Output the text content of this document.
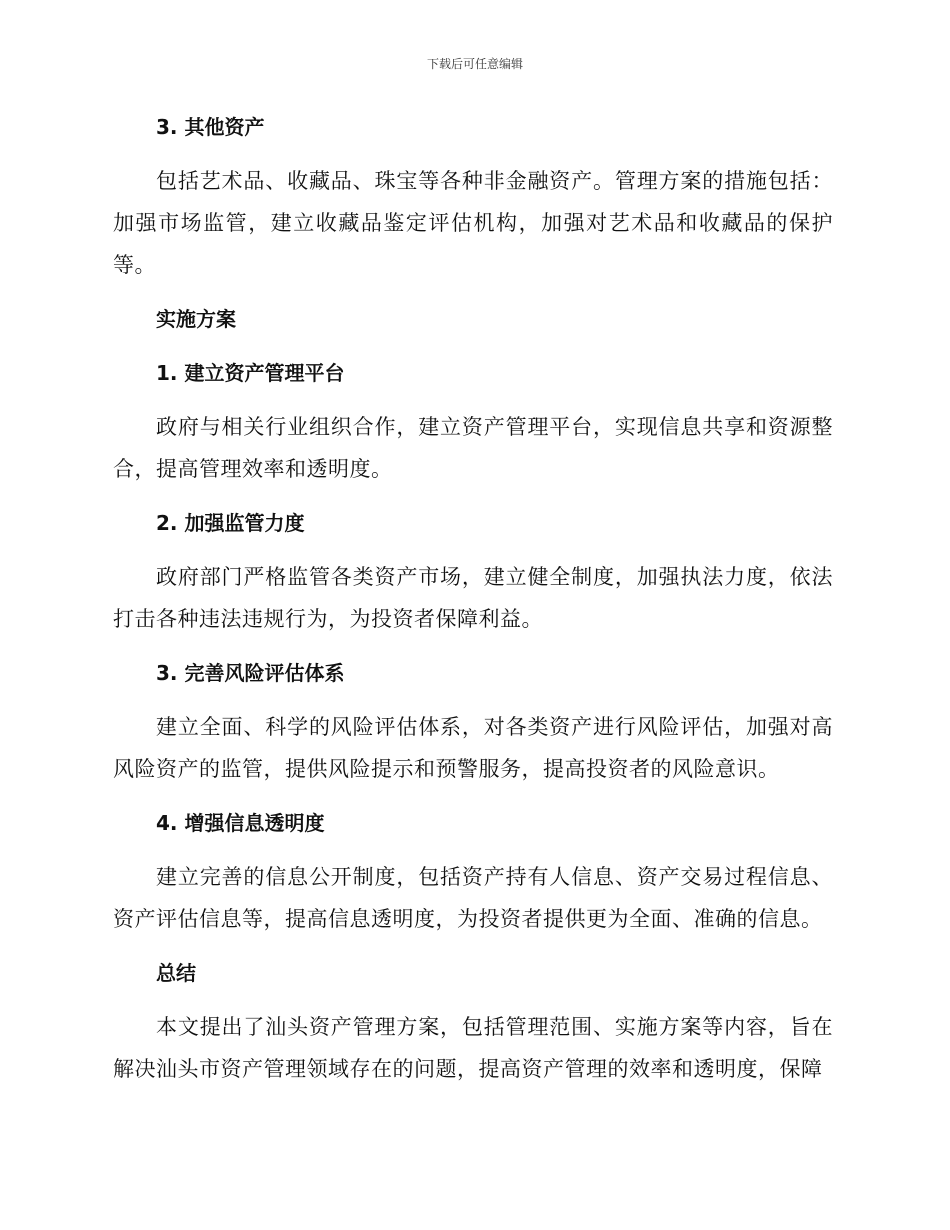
下载后可任意编辑
3. 其他资产

包括艺术品、收藏品、珠宝等各种非金融资产。管理方案的措施包括：加强市场监管，建立收藏品鉴定评估机构，加强对艺术品和收藏品的保护等。

实施方案
1. 建立资产管理平台

政府与相关行业组织合作，建立资产管理平台，实现信息共享和资源整合，提高管理效率和透明度。

2. 加强监管力度

政府部门严格监管各类资产市场，建立健全制度，加强执法力度，依法打击各种违法违规行为，为投资者保障利益。

3. 完善风险评估体系

建立全面、科学的风险评估体系，对各类资产进行风险评估，加强对高风险资产的监管，提供风险提示和预警服务，提高投资者的风险意识。

4. 增强信息透明度

建立完善的信息公开制度，包括资产持有人信息、资产交易过程信息、资产评估信息等，提高信息透明度，为投资者提供更为全面、准确的信息。

总结

本文提出了汕头资产管理方案，包括管理范围、实施方案等内容，旨在解决汕头市资产管理领域存在的问题，提高资产管理的效率和透明度，保障
